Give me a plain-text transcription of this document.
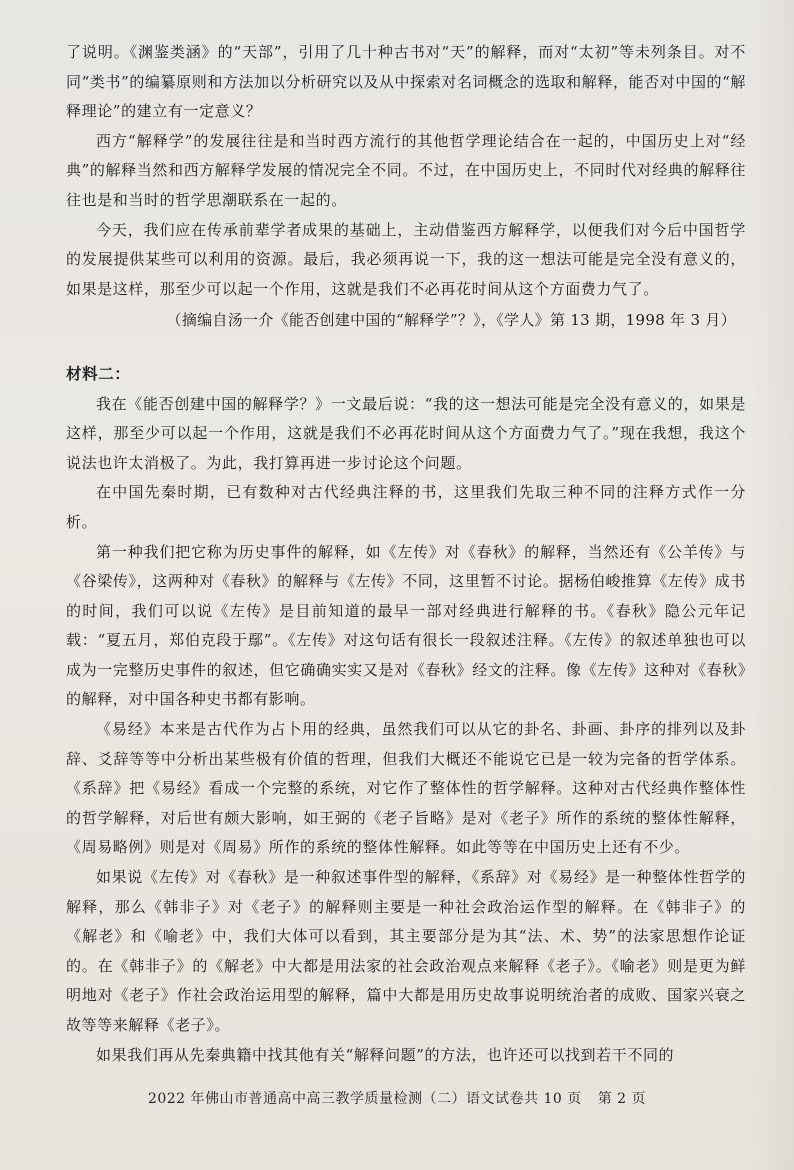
了说明。《渊鉴类涵》的“天部”，引用了几十种古书对“天”的解释，而对“太初”等未列条目。对不同“类书”的编纂原则和方法加以分析研究以及从中探索对名词概念的选取和解释，能否对中国的“解释理论”的建立有一定意义？

西方“解释学”的发展往往是和当时西方流行的其他哲学理论结合在一起的，中国历史上对“经典”的解释当然和西方解释学发展的情况完全不同。不过，在中国历史上，不同时代对经典的解释往往也是和当时的哲学思潮联系在一起的。

今天，我们应在传承前辈学者成果的基础上，主动借鉴西方解释学，以便我们对今后中国哲学的发展提供某些可以利用的资源。最后，我必须再说一下，我的这一想法可能是完全没有意义的，如果是这样，那至少可以起一个作用，这就是我们不必再花时间从这个方面费力气了。

（摘编自汤一介《能否创建中国的“解释学”？》，《学人》第 13 期，1998 年 3 月）

材料二：

我在《能否创建中国的解释学？》一文最后说：“我的这一想法可能是完全没有意义的，如果是这样，那至少可以起一个作用，这就是我们不必再花时间从这个方面费力气了。”现在我想，我这个说法也许太消极了。为此，我打算再进一步讨论这个问题。

在中国先秦时期，已有数种对古代经典注释的书，这里我们先取三种不同的注释方式作一分析。

第一种我们把它称为历史事件的解释，如《左传》对《春秋》的解释，当然还有《公羊传》与《谷梁传》，这两种对《春秋》的解释与《左传》不同，这里暂不讨论。据杨伯峻推算《左传》成书的时间，我们可以说《左传》是目前知道的最早一部对经典进行解释的书。《春秋》隐公元年记载：“夏五月，郑伯克段于鄢”。《左传》对这句话有很长一段叙述注释。《左传》的叙述单独也可以成为一完整历史事件的叙述，但它确确实实又是对《春秋》经文的注释。像《左传》这种对《春秋》的解释，对中国各种史书都有影响。

《易经》本来是古代作为占卜用的经典，虽然我们可以从它的卦名、卦画、卦序的排列以及卦辞、爻辞等等中分析出某些极有价值的哲理，但我们大概还不能说它已是一较为完备的哲学体系。《系辞》把《易经》看成一个完整的系统，对它作了整体性的哲学解释。这种对古代经典作整体性的哲学解释，对后世有颇大影响，如王弼的《老子旨略》是对《老子》所作的系统的整体性解释，《周易略例》则是对《周易》所作的系统的整体性解释。如此等等在中国历史上还有不少。

如果说《左传》对《春秋》是一种叙述事件型的解释，《系辞》对《易经》是一种整体性哲学的解释，那么《韩非子》对《老子》的解释则主要是一种社会政治运作型的解释。在《韩非子》的《解老》和《喻老》中，我们大体可以看到，其主要部分是为其“法、术、势”的法家思想作论证的。在《韩非子》的《解老》中大都是用法家的社会政治观点来解释《老子》。《喻老》则是更为鲜明地对《老子》作社会政治运用型的解释，篇中大都是用历史故事说明统治者的成败、国家兴衰之故等等来解释《老子》。

如果我们再从先秦典籍中找其他有关“解释问题”的方法，也许还可以找到若干不同的

2022 年佛山市普通高中高三教学质量检测（二）语文试卷共 10 页 第 2 页
